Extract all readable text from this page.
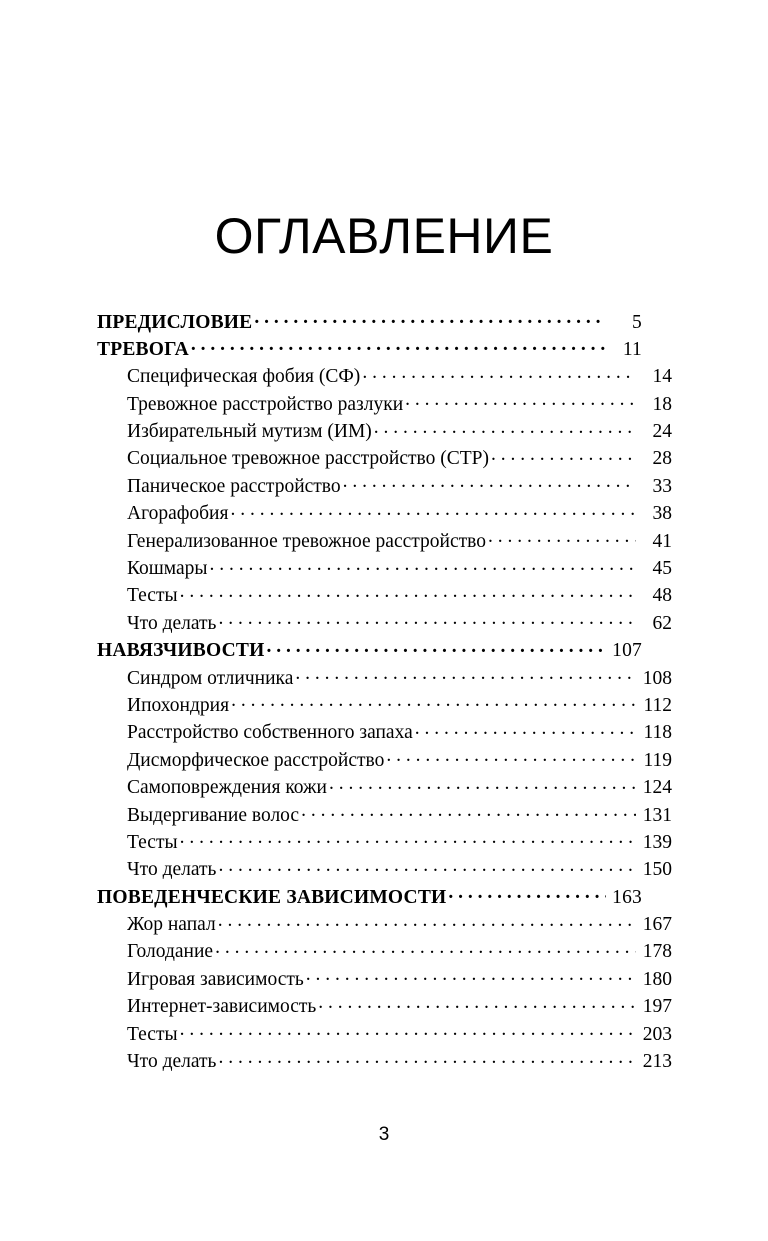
ОГЛАВЛЕНИЕ
ПРЕДИСЛОВИЕ . . .	5
ТРЕВОГА . . .	11
Специфическая фобия (СФ) . . .	14
Тревожное расстройство разлуки . . .	18
Избирательный мутизм (ИМ) . . .	24
Социальное тревожное расстройство (СТР) . . .	28
Паническое расстройство . . .	33
Агорафобия . . .	38
Генерализованное тревожное расстройство . . .	41
Кошмары . . .	45
Тесты . . .	48
Что делать . . .	62
НАВЯЗЧИВОСТИ . . .	107
Синдром отличника . . .	108
Ипохондрия . . .	112
Расстройство собственного запаха . . .	118
Дисморфическое расстройство . . .	119
Самоповреждения кожи . . .	124
Выдергивание волос . . .	131
Тесты . . .	139
Что делать . . .	150
ПОВЕДЕНЧЕСКИЕ ЗАВИСИМОСТИ . . .	163
Жор напал . . .	167
Голодание . . .	178
Игровая зависимость . . .	180
Интернет-зависимость . . .	197
Тесты . . .	203
Что делать . . .	213
3
